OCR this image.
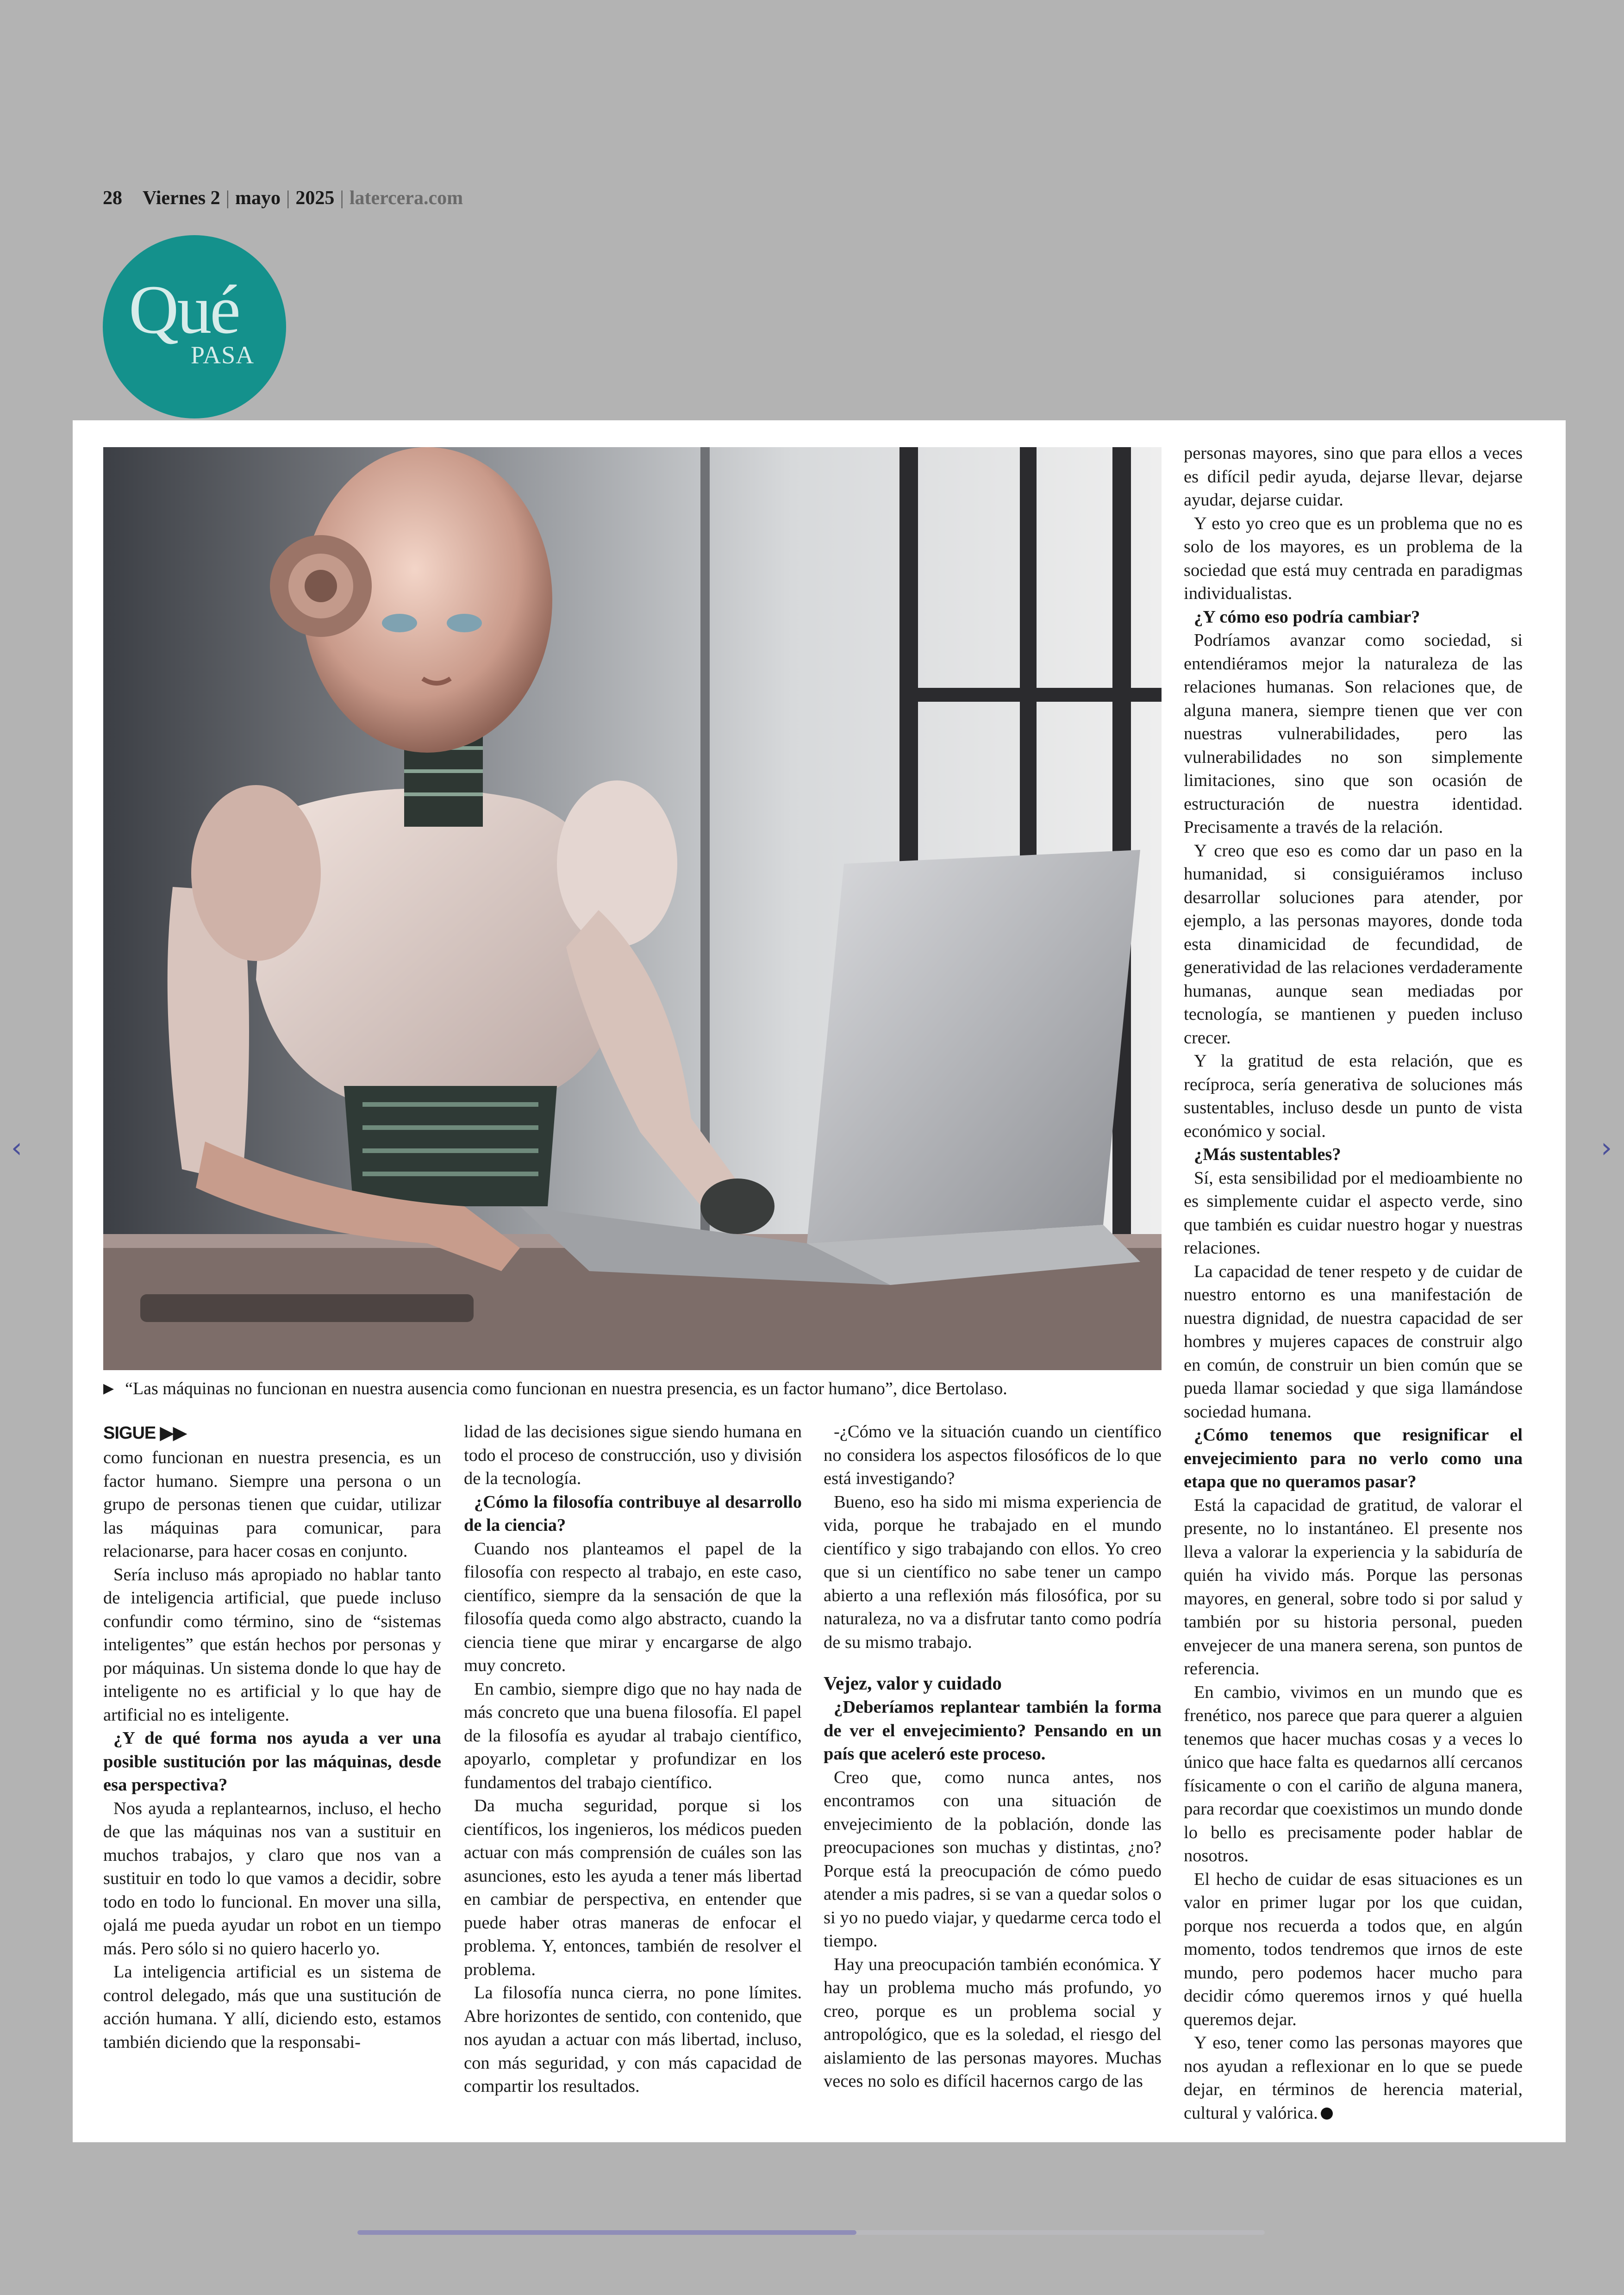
28 Viernes 2 | mayo | 2025 | latercera.com
Qué
PASA
▶ “Las máquinas no funcionan en nuestra ausencia como funcionan en nuestra presencia, es un factor humano”, dice Bertolaso.
SIGUE ▶▶

como funcionan en nuestra presencia, es un factor humano. Siempre una persona o un grupo de personas tienen que cuidar, utilizar las máquinas para comunicar, para relacionarse, para hacer cosas en conjunto.

Sería incluso más apropiado no hablar tanto de inteligencia artificial, que puede incluso confundir como término, sino de “sistemas inteligentes” que están hechos por personas y por máquinas. Un sistema donde lo que hay de inteligente no es artificial y lo que hay de artificial no es inteligente.

¿Y de qué forma nos ayuda a ver una posible sustitución por las máquinas, desde esa perspectiva?

Nos ayuda a replantearnos, incluso, el hecho de que las máquinas nos van a sustituir en muchos trabajos, y claro que nos van a sustituir en todo lo que vamos a decidir, sobre todo en todo lo funcional. En mover una silla, ojalá me pueda ayudar un robot en un tiempo más. Pero sólo si no quiero hacerlo yo.

La inteligencia artificial es un sistema de control delegado, más que una sustitución de acción humana. Y allí, diciendo esto, estamos también diciendo que la responsabi-

lidad de las decisiones sigue siendo humana en todo el proceso de construcción, uso y división de la tecnología.

¿Cómo la filosofía contribuye al desarrollo de la ciencia?

Cuando nos planteamos el papel de la filosofía con respecto al trabajo, en este caso, científico, siempre da la sensación de que la filosofía queda como algo abstracto, cuando la ciencia tiene que mirar y encargarse de algo muy concreto.

En cambio, siempre digo que no hay nada de más concreto que una buena filosofía. El papel de la filosofía es ayudar al trabajo científico, apoyarlo, completar y profundizar en los fundamentos del trabajo científico.

Da mucha seguridad, porque si los científicos, los ingenieros, los médicos pueden actuar con más comprensión de cuáles son las asunciones, esto les ayuda a tener más libertad en cambiar de perspectiva, en entender que puede haber otras maneras de enfocar el problema. Y, entonces, también de resolver el problema.

La filosofía nunca cierra, no pone límites. Abre horizontes de sentido, con contenido, que nos ayudan a actuar con más libertad, incluso, con más seguridad, y con más capacidad de compartir los resultados.

-¿Cómo ve la situación cuando un científico no considera los aspectos filosóficos de lo que está investigando?

Bueno, eso ha sido mi misma experiencia de vida, porque he trabajado en el mundo científico y sigo trabajando con ellos. Yo creo que si un científico no sabe tener un campo abierto a una reflexión más filosófica, por su naturaleza, no va a disfrutar tanto como podría de su mismo trabajo.

Vejez, valor y cuidado

¿Deberíamos replantear también la forma de ver el envejecimiento? Pensando en un país que aceleró este proceso.

Creo que, como nunca antes, nos encontramos con una situación de envejecimiento de la población, donde las preocupaciones son muchas y distintas, ¿no? Porque está la preocupación de cómo puedo atender a mis padres, si se van a quedar solos o si yo no puedo viajar, y quedarme cerca todo el tiempo.

Hay una preocupación también económica. Y hay un problema mucho más profundo, yo creo, porque es un problema social y antropológico, que es la soledad, el riesgo del aislamiento de las personas mayores. Muchas veces no solo es difícil hacernos cargo de las

personas mayores, sino que para ellos a veces es difícil pedir ayuda, dejarse llevar, dejarse ayudar, dejarse cuidar.

Y esto yo creo que es un problema que no es solo de los mayores, es un problema de la sociedad que está muy centrada en paradigmas individualistas.

¿Y cómo eso podría cambiar?

Podríamos avanzar como sociedad, si entendiéramos mejor la naturaleza de las relaciones humanas. Son relaciones que, de alguna manera, siempre tienen que ver con nuestras vulnerabilidades, pero las vulnerabilidades no son simplemente limitaciones, sino que son ocasión de estructuración de nuestra identidad. Precisamente a través de la relación.

Y creo que eso es como dar un paso en la humanidad, si consiguiéramos incluso desarrollar soluciones para atender, por ejemplo, a las personas mayores, donde toda esta dinamicidad de fecundidad, de generatividad de las relaciones verdaderamente humanas, aunque sean mediadas por tecnología, se mantienen y pueden incluso crecer.

Y la gratitud de esta relación, que es recíproca, sería generativa de soluciones más sustentables, incluso desde un punto de vista económico y social.

¿Más sustentables?

Sí, esta sensibilidad por el medioambiente no es simplemente cuidar el aspecto verde, sino que también es cuidar nuestro hogar y nuestras relaciones.

La capacidad de tener respeto y de cuidar de nuestro entorno es una manifestación de nuestra dignidad, de nuestra capacidad de ser hombres y mujeres capaces de construir algo en común, de construir un bien común que se pueda llamar sociedad y que siga llamándose sociedad humana.

¿Cómo tenemos que resignificar el envejecimiento para no verlo como una etapa que no queramos pasar?

Está la capacidad de gratitud, de valorar el presente, no lo instantáneo. El presente nos lleva a valorar la experiencia y la sabiduría de quién ha vivido más. Porque las personas mayores, en general, sobre todo si por salud y también por su historia personal, pueden envejecer de una manera serena, son puntos de referencia.

En cambio, vivimos en un mundo que es frenético, nos parece que para querer a alguien tenemos que hacer muchas cosas y a veces lo único que hace falta es quedarnos allí cercanos físicamente o con el cariño de alguna manera, para recordar que coexistimos un mundo donde lo bello es precisamente poder hablar de nosotros.

El hecho de cuidar de esas situaciones es un valor en primer lugar por los que cuidan, porque nos recuerda a todos que, en algún momento, todos tendremos que irnos de este mundo, pero podemos hacer mucho para decidir cómo queremos irnos y qué huella queremos dejar.

Y eso, tener como las personas mayores que nos ayudan a reflexionar en lo que se puede dejar, en términos de herencia material, cultural y valórica.

‹	›
